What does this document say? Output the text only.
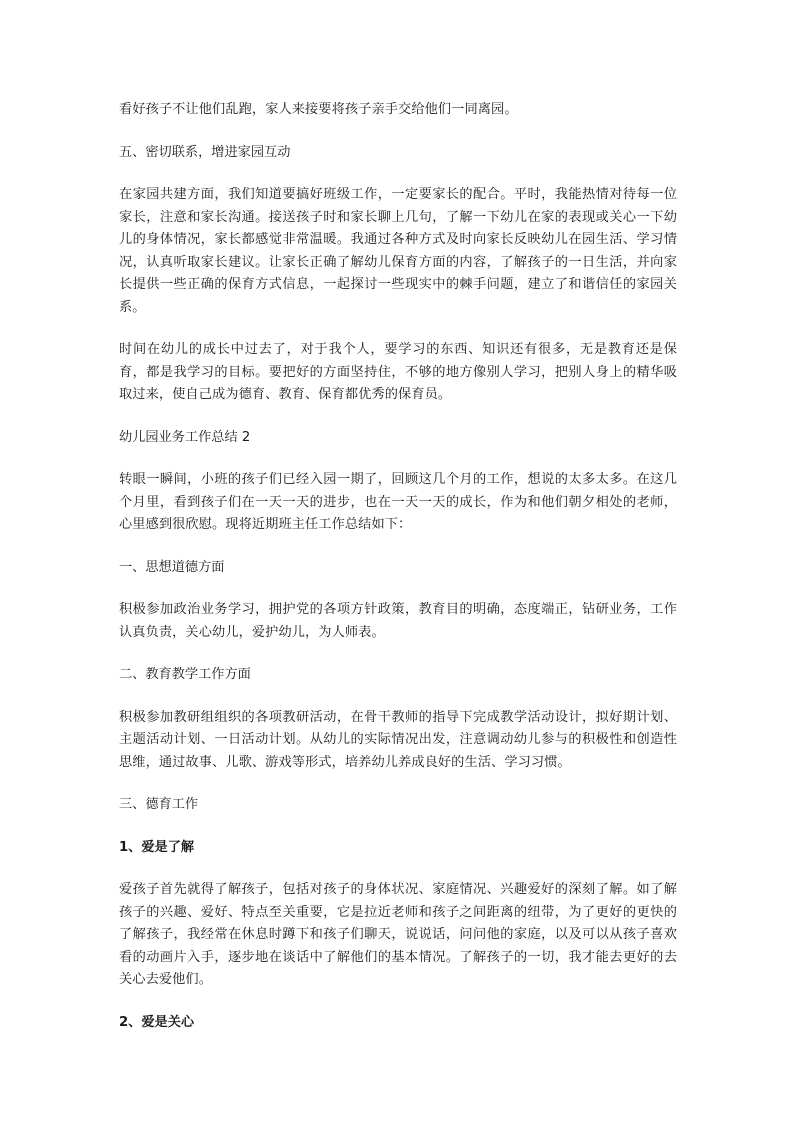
看好孩子不让他们乱跑，家人来接要将孩子亲手交给他们一同离园。

五、密切联系，增进家园互动

在家园共建方面，我们知道要搞好班级工作，一定要家长的配合。平时，我能热情对待每一位家长，注意和家长沟通。接送孩子时和家长聊上几句，了解一下幼儿在家的表现或关心一下幼儿的身体情况，家长都感觉非常温暖。我通过各种方式及时向家长反映幼儿在园生活、学习情况，认真听取家长建议。让家长正确了解幼儿保育方面的内容，了解孩子的一日生活，并向家长提供一些正确的保育方式信息，一起探讨一些现实中的棘手问题，建立了和谐信任的家园关系。

时间在幼儿的成长中过去了，对于我个人，要学习的东西、知识还有很多，无是教育还是保育，都是我学习的目标。要把好的方面坚持住，不够的地方像别人学习，把别人身上的精华吸取过来，使自己成为德育、教育、保育都优秀的保育员。

幼儿园业务工作总结 2

转眼一瞬间，小班的孩子们已经入园一期了，回顾这几个月的工作，想说的太多太多。在这几个月里，看到孩子们在一天一天的进步，也在一天一天的成长，作为和他们朝夕相处的老师，心里感到很欣慰。现将近期班主任工作总结如下：

一、思想道德方面

积极参加政治业务学习，拥护党的各项方针政策，教育目的明确，态度端正，钻研业务，工作认真负责，关心幼儿，爱护幼儿，为人师表。

二、教育教学工作方面

积极参加教研组组织的各项教研活动，在骨干教师的指导下完成教学活动设计，拟好期计划、主题活动计划、一日活动计划。从幼儿的实际情况出发，注意调动幼儿参与的积极性和创造性思维，通过故事、儿歌、游戏等形式，培养幼儿养成良好的生活、学习习惯。

三、德育工作

1、爱是了解

爱孩子首先就得了解孩子，包括对孩子的身体状况、家庭情况、兴趣爱好的深刻了解。如了解孩子的兴趣、爱好、特点至关重要，它是拉近老师和孩子之间距离的纽带，为了更好的更快的了解孩子，我经常在休息时蹲下和孩子们聊天，说说话，问问他的家庭，以及可以从孩子喜欢看的动画片入手，逐步地在谈话中了解他们的基本情况。了解孩子的一切，我才能去更好的去关心去爱他们。

2、爱是关心
